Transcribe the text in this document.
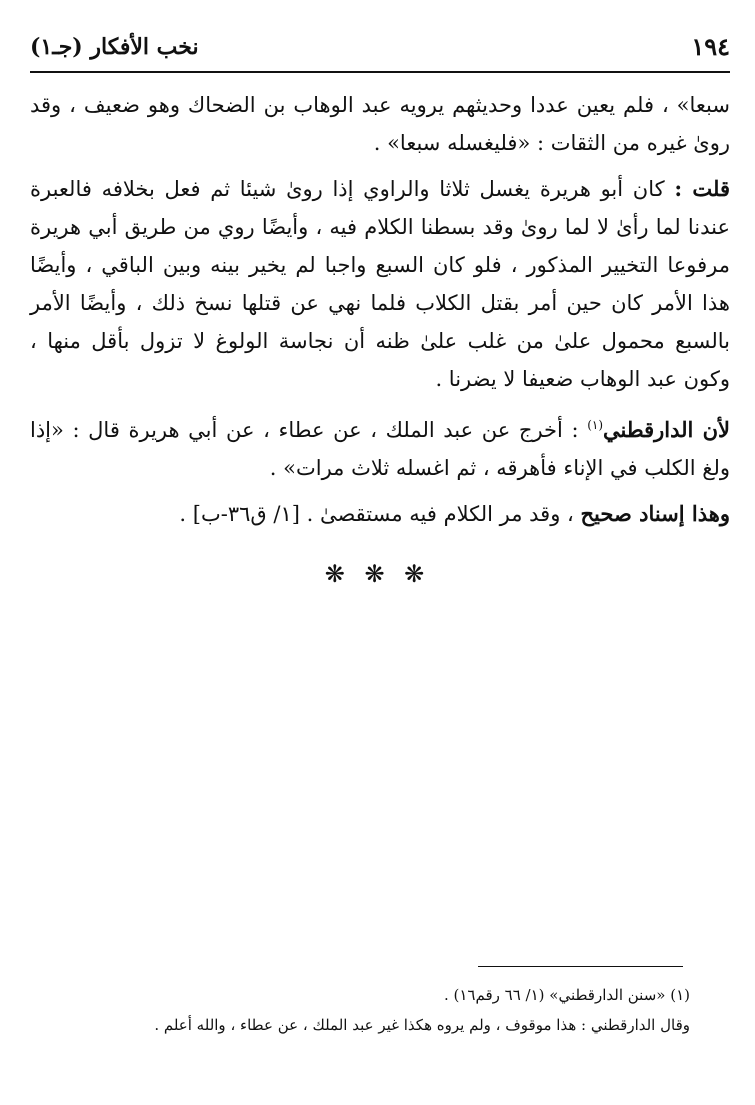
١٩٤
نخب الأفكار (جـ١)

سبعا» ، فلم يعين عددا وحديثهم يرويه عبد الوهاب بن الضحاك وهو ضعيف ، وقد روىٰ غيره من الثقات : «فليغسله سبعا» .

قلت : كان أبو هريرة يغسل ثلاثا والراوي إذا روىٰ شيئا ثم فعل بخلافه فالعبرة عندنا لما رأىٰ لا لما روىٰ وقد بسطنا الكلام فيه ، وأيضًا روي من طريق أبي هريرة مرفوعا التخيير المذكور ، فلو كان السبع واجبا لم يخير بينه وبين الباقي ، وأيضًا هذا الأمر كان حين أمر بقتل الكلاب فلما نهي عن قتلها نسخ ذلك ، وأيضًا الأمر بالسبع محمول علىٰ من غلب علىٰ ظنه أن نجاسة الولوغ لا تزول بأقل منها ، وكون عبد الوهاب ضعيفا لا يضرنا .

لأن الدارقطني$^{(١)}$ : أخرج عن عبد الملك ، عن عطاء ، عن أبي هريرة قال : «إذا ولغ الكلب في الإناء فأهرقه ، ثم اغسله ثلاث مرات» .

وهذا إسناد صحيح ، وقد مر الكلام فيه مستقصىٰ . [١/ ق٣٦-ب] .

❋ ❋ ❋

(١) «سنن الدارقطني» (١/ ٦٦ رقم١٦) .

وقال الدارقطني : هذا موقوف ، ولم يروه هكذا غير عبد الملك ، عن عطاء ، والله أعلم .
